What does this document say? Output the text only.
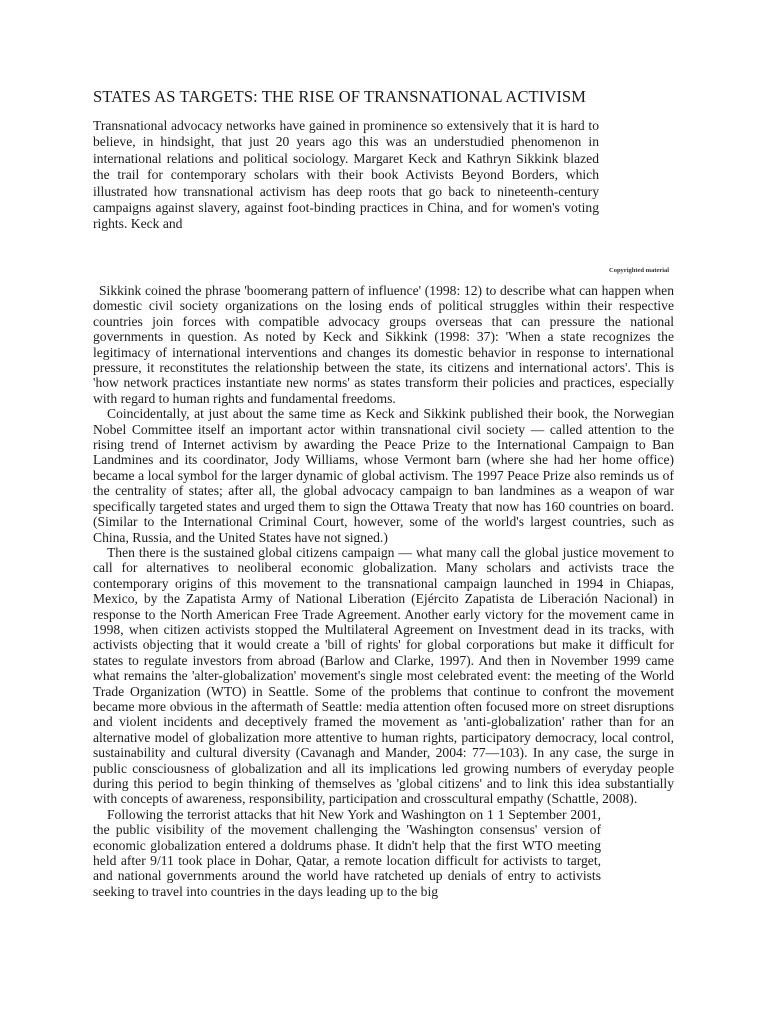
STATES AS TARGETS: THE RISE OF TRANSNATIONAL ACTIVISM

Transnational advocacy networks have gained in prominence so extensively that it is hard to believe, in hindsight, that just 20 years ago this was an understudied phenomenon in international relations and political sociology. Margaret Keck and Kathryn Sikkink blazed the trail for contemporary scholars with their book Activists Beyond Borders, which illustrated how transnational activism has deep roots that go back to nineteenth-century campaigns against slavery, against foot-binding practices in China, and for women's voting rights. Keck and

Copyrighted material

Sikkink coined the phrase 'boomerang pattern of influence' (1998: 12) to describe what can happen when domestic civil society organizations on the losing ends of political struggles within their respective countries join forces with compatible advocacy groups overseas that can pressure the national governments in question. As noted by Keck and Sikkink (1998: 37): 'When a state recognizes the legitimacy of international interventions and changes its domestic behavior in response to international pressure, it reconstitutes the relationship between the state, its citizens and international actors'. This is 'how network practices instantiate new norms' as states transform their policies and practices, especially with regard to human rights and fundamental freedoms.

Coincidentally, at just about the same time as Keck and Sikkink published their book, the Norwegian Nobel Committee itself an important actor within transnational civil society — called attention to the rising trend of Internet activism by awarding the Peace Prize to the International Campaign to Ban Landmines and its coordinator, Jody Williams, whose Vermont barn (where she had her home office) became a local symbol for the larger dynamic of global activism. The 1997 Peace Prize also reminds us of the centrality of states; after all, the global advocacy campaign to ban landmines as a weapon of war specifically targeted states and urged them to sign the Ottawa Treaty that now has 160 countries on board. (Similar to the International Criminal Court, however, some of the world's largest countries, such as China, Russia, and the United States have not signed.)

Then there is the sustained global citizens campaign — what many call the global justice movement to call for alternatives to neoliberal economic globalization. Many scholars and activists trace the contemporary origins of this movement to the transnational campaign launched in 1994 in Chiapas, Mexico, by the Zapatista Army of National Liberation (Ejército Zapatista de Liberación Nacional) in response to the North American Free Trade Agreement. Another early victory for the movement came in 1998, when citizen activists stopped the Multilateral Agreement on Investment dead in its tracks, with activists objecting that it would create a 'bill of rights' for global corporations but make it difficult for states to regulate investors from abroad (Barlow and Clarke, 1997). And then in November 1999 came what remains the 'alter-globalization' movement's single most celebrated event: the meeting of the World Trade Organization (WTO) in Seattle. Some of the problems that continue to confront the movement became more obvious in the aftermath of Seattle: media attention often focused more on street disruptions and violent incidents and deceptively framed the movement as 'anti-globalization' rather than for an alternative model of globalization more attentive to human rights, participatory democracy, local control, sustainability and cultural diversity (Cavanagh and Mander, 2004: 77—103). In any case, the surge in public consciousness of globalization and all its implications led growing numbers of everyday people during this period to begin thinking of themselves as 'global citizens' and to link this idea substantially with concepts of awareness, responsibility, participation and crosscultural empathy (Schattle, 2008).

Following the terrorist attacks that hit New York and Washington on 1 1 September 2001, the public visibility of the movement challenging the 'Washington consensus' version of economic globalization entered a doldrums phase. It didn't help that the first WTO meeting held after 9/11 took place in Dohar, Qatar, a remote location difficult for activists to target, and national governments around the world have ratcheted up denials of entry to activists seeking to travel into countries in the days leading up to the big
